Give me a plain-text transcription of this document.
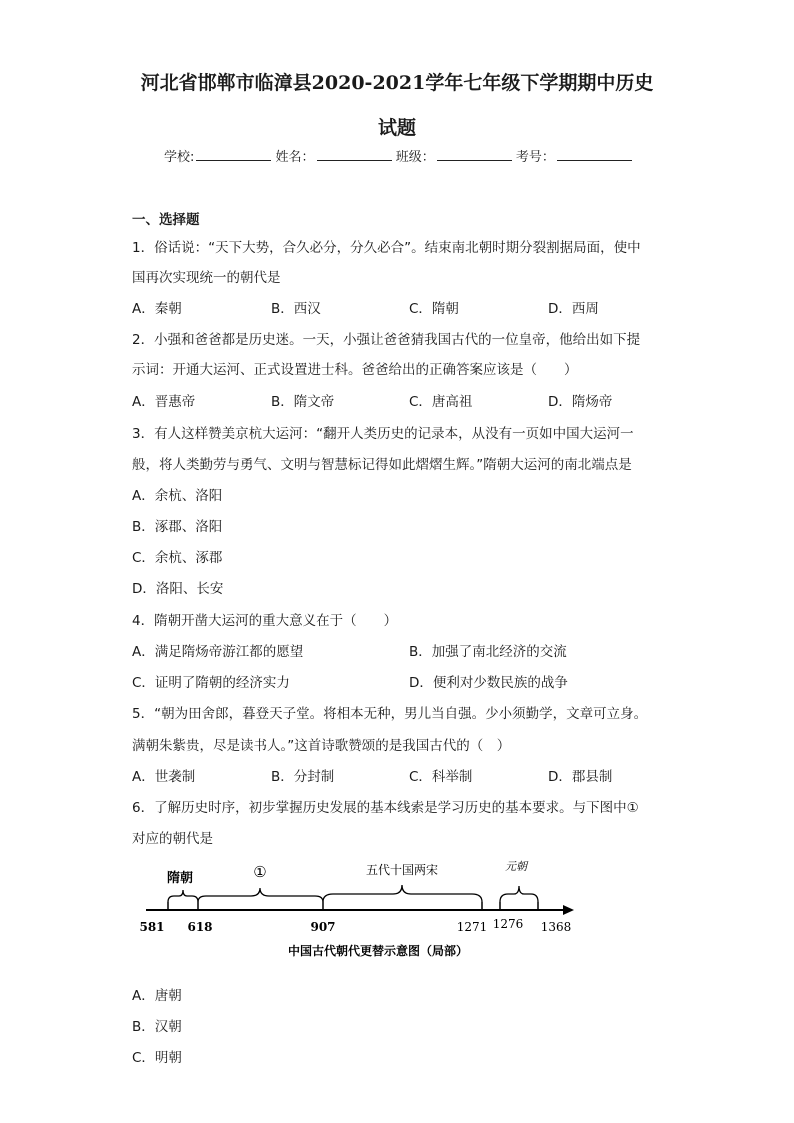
河北省邯郸市临漳县2020-2021学年七年级下学期期中历史
试题
学校:	姓名：	班级：	考号：
一、选择题
1．俗话说：“天下大势，合久必分，分久必合”。结束南北朝时期分裂割据局面，使中
国再次实现统一的朝代是
A．秦朝	B．西汉	C．隋朝	D．西周
2．小强和爸爸都是历史迷。一天，小强让爸爸猜我国古代的一位皇帝，他给出如下提
示词：开通大运河、正式设置进士科。爸爸给出的正确答案应该是（　　）
A．晋惠帝	B．隋文帝	C．唐高祖	D．隋炀帝
3．有人这样赞美京杭大运河：“翻开人类历史的记录本，从没有一页如中国大运河一
般，将人类勤劳与勇气、文明与智慧标记得如此熠熠生辉。”隋朝大运河的南北端点是
A．余杭、洛阳
B．涿郡、洛阳
C．余杭、涿郡
D．洛阳、长安
4．隋朝开凿大运河的重大意义在于（　　）
A．满足隋炀帝游江都的愿望	B．加强了南北经济的交流
C．证明了隋朝的经济实力	D．便利对少数民族的战争
5．“朝为田舍郎，暮登天子堂。将相本无种，男儿当自强。少小须勤学，文章可立身。
满朝朱紫贵，尽是读书人。”这首诗歌赞颂的是我国古代的（　）
A．世袭制	B．分封制	C．科举制	D．郡县制
6．了解历史时序，初步掌握历史发展的基本线索是学习历史的基本要求。与下图中①
对应的朝代是
隋朝	①	五代十国两宋	元朝
581 618	907	1271 1276 1368
中国古代朝代更替示意图（局部）
A．唐朝
B．汉朝
C．明朝
